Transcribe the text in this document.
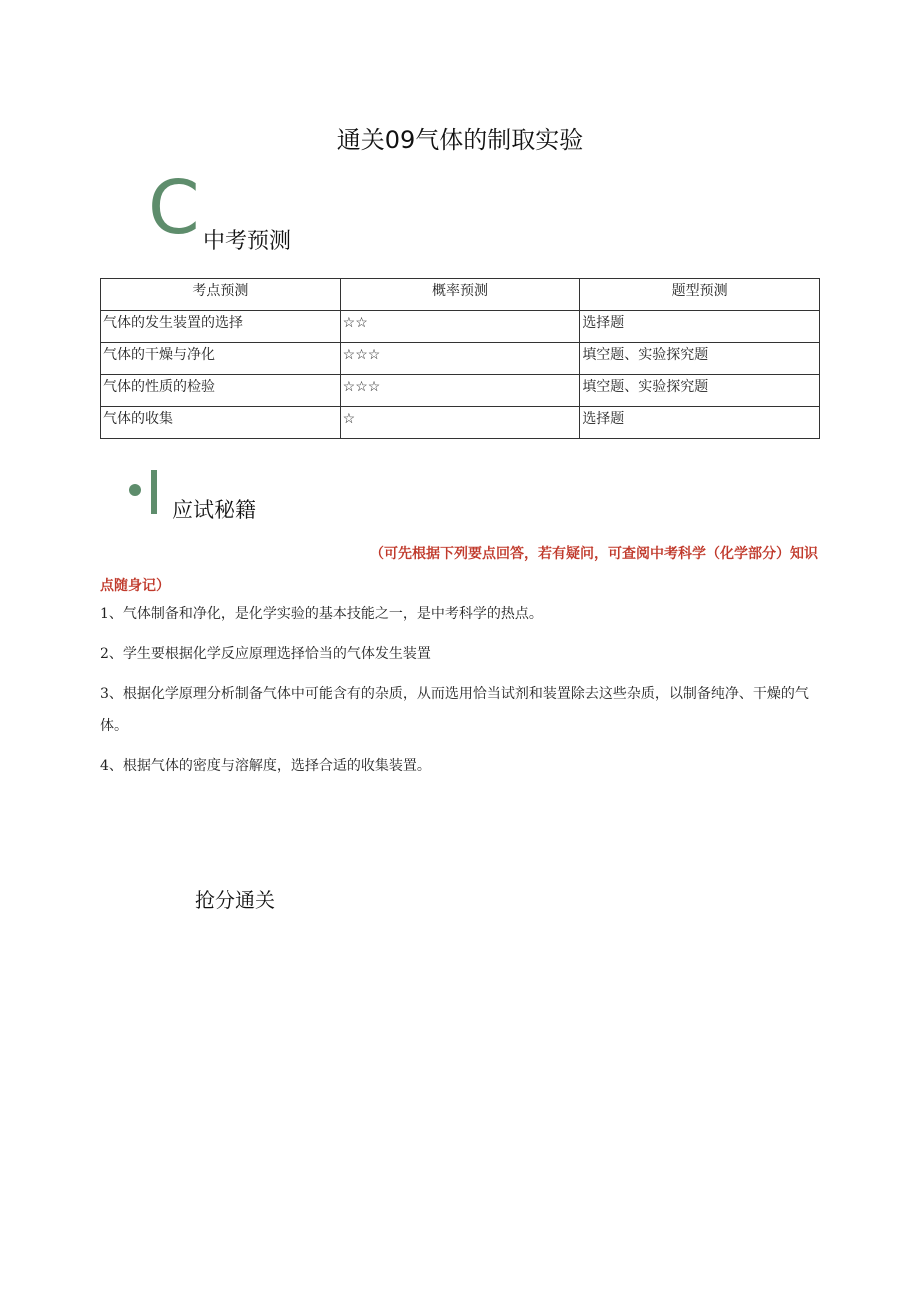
通关09气体的制取实验
C 中考预测
考点预测	概率预测	题型预测
气体的发生装置的选择	☆☆	选择题
气体的干燥与净化	☆☆☆	填空题、实验探究题
气体的性质的检验	☆☆☆	填空题、实验探究题
气体的收集	☆	选择题
应试秘籍
（可先根据下列要点回答，若有疑问，可查阅中考科学（化学部分）知识点随身记）
1、气体制备和净化，是化学实验的基本技能之一，是中考科学的热点。
2、学生要根据化学反应原理选择恰当的气体发生装置
3、根据化学原理分析制备气体中可能含有的杂质，从而选用恰当试剂和装置除去这些杂质，以制备纯净、干燥的气体。
4、根据气体的密度与溶解度，选择合适的收集装置。
抢分通关
